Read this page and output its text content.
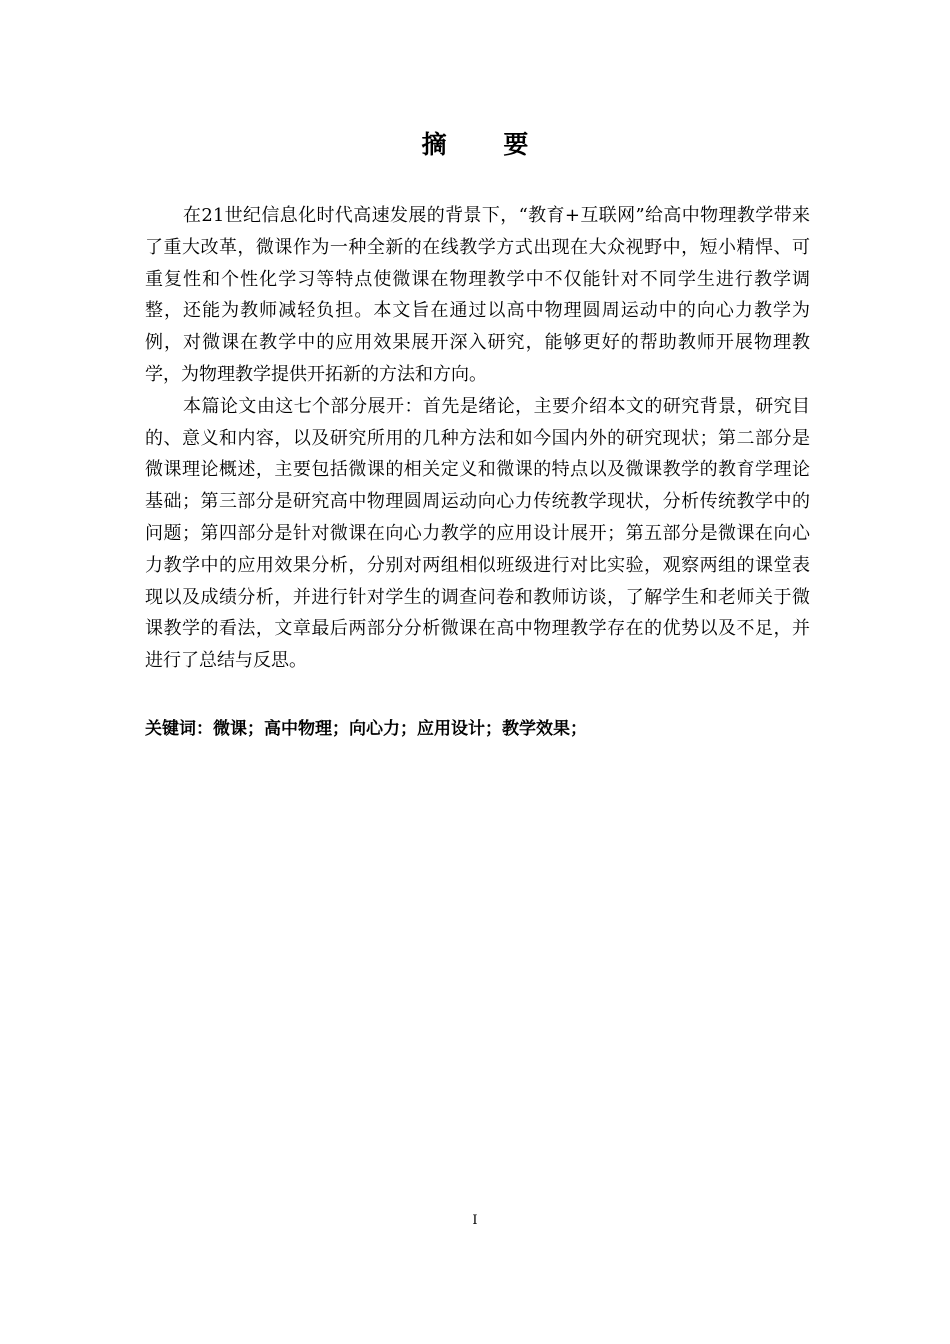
摘 要

在21世纪信息化时代高速发展的背景下，“教育+互联网”给高中物理教学带来了重大改革，微课作为一种全新的在线教学方式出现在大众视野中，短小精悍、可重复性和个性化学习等特点使微课在物理教学中不仅能针对不同学生进行教学调整，还能为教师减轻负担。本文旨在通过以高中物理圆周运动中的向心力教学为例，对微课在教学中的应用效果展开深入研究，能够更好的帮助教师开展物理教学，为物理教学提供开拓新的方法和方向。

本篇论文由这七个部分展开：首先是绪论，主要介绍本文的研究背景，研究目的、意义和内容，以及研究所用的几种方法和如今国内外的研究现状；第二部分是微课理论概述，主要包括微课的相关定义和微课的特点以及微课教学的教育学理论基础；第三部分是研究高中物理圆周运动向心力传统教学现状，分析传统教学中的问题；第四部分是针对微课在向心力教学的应用设计展开；第五部分是微课在向心力教学中的应用效果分析，分别对两组相似班级进行对比实验，观察两组的课堂表现以及成绩分析，并进行针对学生的调查问卷和教师访谈，了解学生和老师关于微课教学的看法，文章最后两部分分析微课在高中物理教学存在的优势以及不足，并进行了总结与反思。

关键词：微课；高中物理；向心力；应用设计；教学效果；

I
